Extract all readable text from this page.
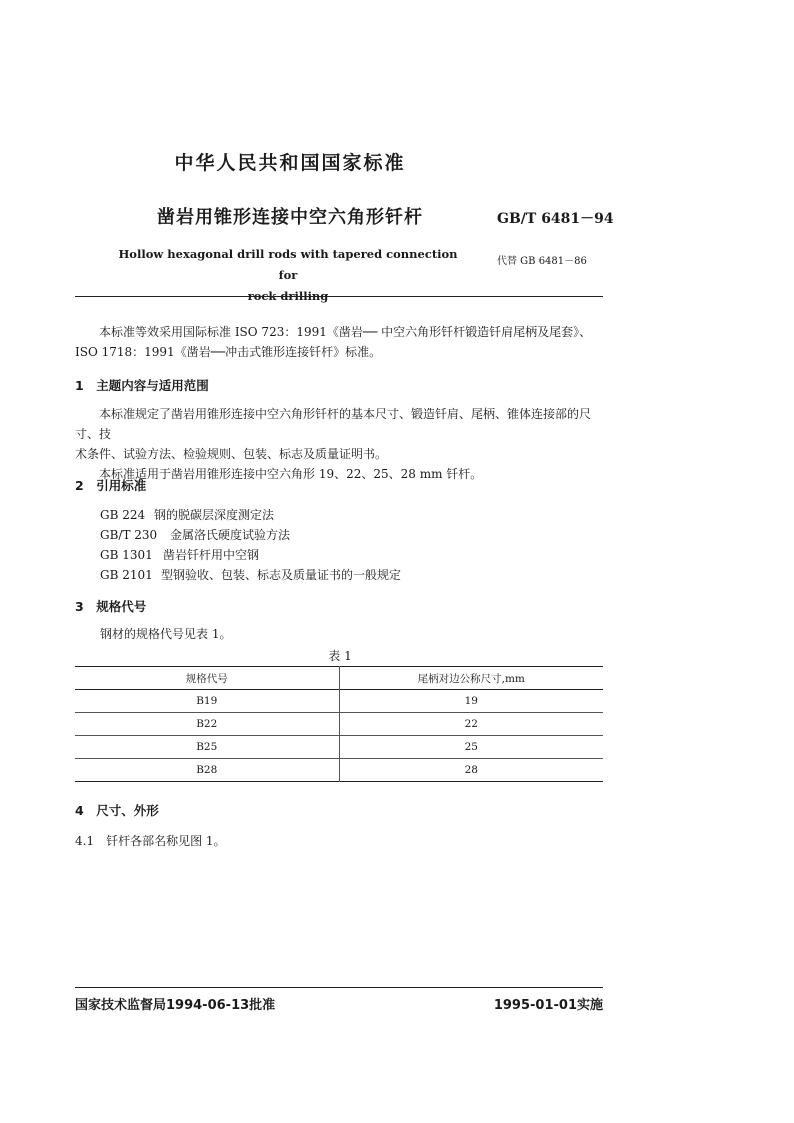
中华人民共和国国家标准
凿岩用锥形连接中空六角形钎杆	GB/T 6481－94
Hollow hexagonal drill rods with tapered connection for
rock drilling
代替 GB 6481－86
本标准等效采用国际标准 ISO 723：1991《凿岩── 中空六角形钎杆锻造钎肩尾柄及尾套》、
ISO 1718：1991《凿岩──冲击式锥形连接钎杆》标准。
1　主题内容与适用范围
本标准规定了凿岩用锥形连接中空六角形钎杆的基本尺寸、锻造钎肩、尾柄、锥体连接部的尺寸、技
术条件、试验方法、检验规则、包装、标志及质量证明书。
本标准适用于凿岩用锥形连接中空六角形 19、22、25、28 mm 钎杆。
2　引用标准
GB 224 钢的脱碳层深度测定法
GB/T 230 金属洛氏硬度试验方法
GB 1301 凿岩钎杆用中空钢
GB 2101 型钢验收、包装、标志及质量证书的一般规定
3　规格代号
钢材的规格代号见表 1。
表 1
规格代号	尾柄对边公称尺寸,mm
B19	19
B22	22
B25	25
B28	28
4　尺寸、外形
4.1　钎杆各部名称见图 1。
国家技术监督局1994-06-13批准	1995-01-01实施
